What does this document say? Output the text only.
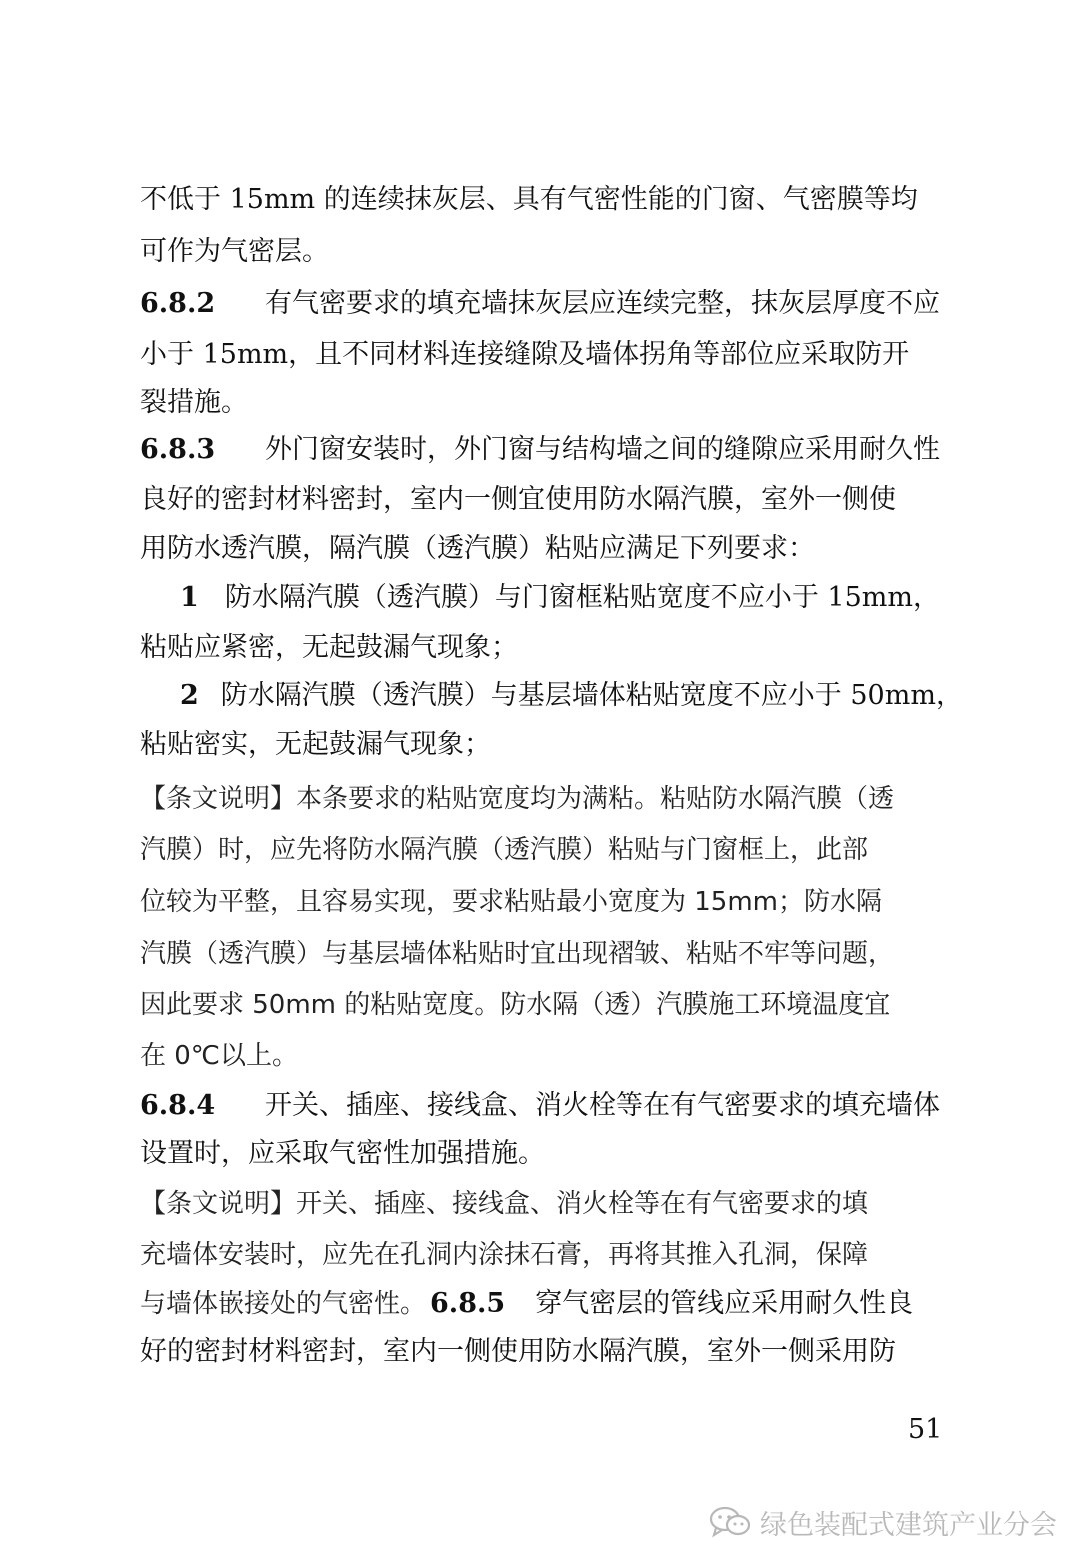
不低于 15mm 的连续抹灰层、具有气密性能的门窗、气密膜等均
可作为气密层。
6.8.2 有气密要求的填充墙抹灰层应连续完整，抹灰层厚度不应
小于 15mm，且不同材料连接缝隙及墙体拐角等部位应采取防开
裂措施。
6.8.3 外门窗安装时，外门窗与结构墙之间的缝隙应采用耐久性
良好的密封材料密封，室内一侧宜使用防水隔汽膜，室外一侧使
用防水透汽膜，隔汽膜（透汽膜）粘贴应满足下列要求：
1 防水隔汽膜（透汽膜）与门窗框粘贴宽度不应小于 15mm，
粘贴应紧密，无起鼓漏气现象；
2 防水隔汽膜（透汽膜）与基层墙体粘贴宽度不应小于 50mm，
粘贴密实，无起鼓漏气现象；
【条文说明】本条要求的粘贴宽度均为满粘。粘贴防水隔汽膜（透
汽膜）时，应先将防水隔汽膜（透汽膜）粘贴与门窗框上，此部
位较为平整，且容易实现，要求粘贴最小宽度为 15mm；防水隔
汽膜（透汽膜）与基层墙体粘贴时宜出现褶皱、粘贴不牢等问题，
因此要求 50mm 的粘贴宽度。防水隔（透）汽膜施工环境温度宜
在 0℃以上。
6.8.4 开关、插座、接线盒、消火栓等在有气密要求的填充墙体
设置时，应采取气密性加强措施。
【条文说明】开关、插座、接线盒、消火栓等在有气密要求的填
充墙体安装时，应先在孔洞内涂抹石膏，再将其推入孔洞，保障
与墙体嵌接处的气密性。 6.8.5 穿气密层的管线应采用耐久性良
好的密封材料密封，室内一侧使用防水隔汽膜，室外一侧采用防
51
绿色装配式建筑产业分会
